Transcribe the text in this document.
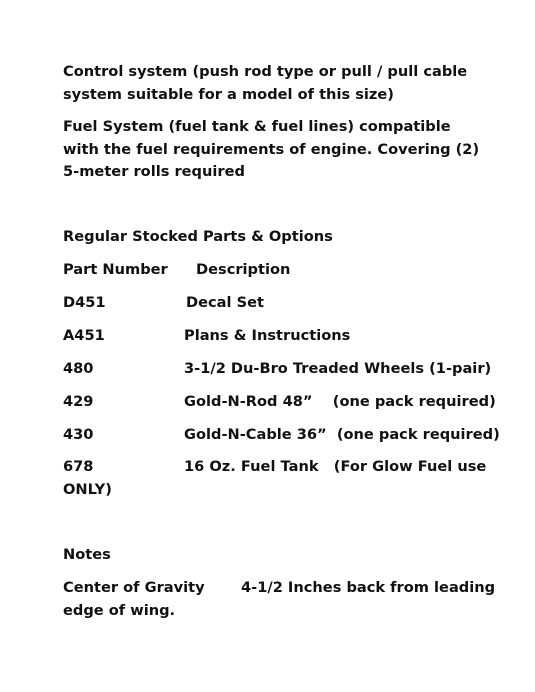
Control system (push rod type or pull / pull cable system suitable for a model of this size)

Fuel System (fuel tank & fuel lines) compatible with the fuel requirements of engine. Covering (2) 5-meter rolls required

Regular Stocked Parts & Options

Part Number Description
D451	Decal Set
A451	Plans & Instructions
480	3-1/2 Du-Bro Treaded Wheels (1-pair)
429	Gold-N-Rod 48”    (one pack required)
430	Gold-N-Cable 36”  (one pack required)
678	16 Oz. Fuel Tank   (For Glow Fuel use

ONLY)

Notes

Center of Gravity 4-1/2 Inches back from leading

edge of wing.
